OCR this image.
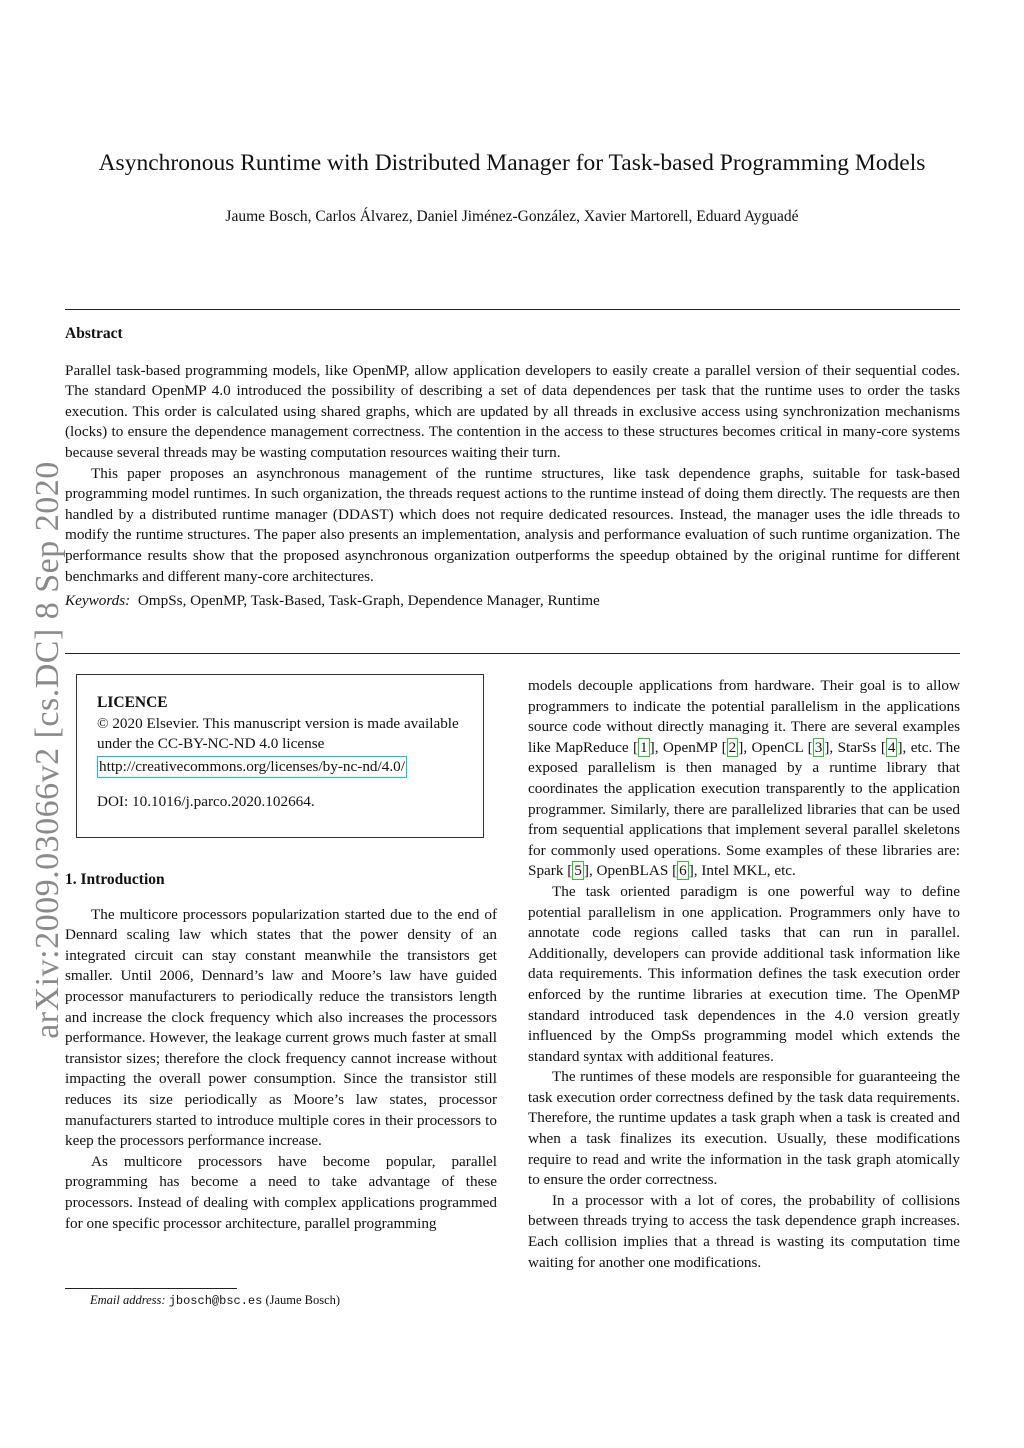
arXiv:2009.03066v2 [cs.DC] 8 Sep 2020
Asynchronous Runtime with Distributed Manager for Task-based Programming Models
Jaume Bosch, Carlos Álvarez, Daniel Jiménez-González, Xavier Martorell, Eduard Ayguadé
Abstract

Parallel task-based programming models, like OpenMP, allow application developers to easily create a parallel version of their sequential codes. The standard OpenMP 4.0 introduced the possibility of describing a set of data dependences per task that the runtime uses to order the tasks execution. This order is calculated using shared graphs, which are updated by all threads in exclusive access using synchronization mechanisms (locks) to ensure the dependence management correctness. The contention in the access to these structures becomes critical in many-core systems because several threads may be wasting computation resources waiting their turn.

This paper proposes an asynchronous management of the runtime structures, like task dependence graphs, suitable for task-based programming model runtimes. In such organization, the threads request actions to the runtime instead of doing them directly. The requests are then handled by a distributed runtime manager (DDAST) which does not require dedicated resources. Instead, the manager uses the idle threads to modify the runtime structures. The paper also presents an implementation, analysis and performance evaluation of such runtime organization. The performance results show that the proposed asynchronous organization outperforms the speedup obtained by the original runtime for different benchmarks and different many-core architectures.

Keywords: OmpSs, OpenMP, Task-Based, Task-Graph, Dependence Manager, Runtime

LICENCE
© 2020 Elsevier. This manuscript version is made available under the CC-BY-NC-ND 4.0 license
http://creativecommons.org/licenses/by-nc-nd/4.0/
DOI: 10.1016/j.parco.2020.102664.
1. Introduction

The multicore processors popularization started due to the end of Dennard scaling law which states that the power density of an integrated circuit can stay constant meanwhile the transistors get smaller. Until 2006, Dennard’s law and Moore’s law have guided processor manufacturers to periodically reduce the transistors length and increase the clock frequency which also increases the processors performance. However, the leakage current grows much faster at small transistor sizes; therefore the clock frequency cannot increase without impacting the overall power consumption. Since the transistor still reduces its size periodically as Moore’s law states, processor manufacturers started to introduce multiple cores in their processors to keep the processors performance increase.

As multicore processors have become popular, parallel programming has become a need to take advantage of these processors. Instead of dealing with complex applications programmed for one specific processor architecture, parallel programming

models decouple applications from hardware. Their goal is to allow programmers to indicate the potential parallelism in the applications source code without directly managing it. There are several examples like MapReduce [ 1 ], OpenMP [ 2 ], OpenCL [ 3 ], StarSs [ 4 ], etc. The exposed parallelism is then managed by a runtime library that coordinates the application execution transparently to the application programmer. Similarly, there are parallelized libraries that can be used from sequential applications that implement several parallel skeletons for commonly used operations. Some examples of these libraries are: Spark [ 5 ], OpenBLAS [ 6 ], Intel MKL, etc.

The task oriented paradigm is one powerful way to define potential parallelism in one application. Programmers only have to annotate code regions called tasks that can run in parallel. Additionally, developers can provide additional task information like data requirements. This information defines the task execution order enforced by the runtime libraries at execution time. The OpenMP standard introduced task dependences in the 4.0 version greatly influenced by the OmpSs programming model which extends the standard syntax with additional features.

The runtimes of these models are responsible for guaranteeing the task execution order correctness defined by the task data requirements. Therefore, the runtime updates a task graph when a task is created and when a task finalizes its execution. Usually, these modifications require to read and write the information in the task graph atomically to ensure the order correctness.

In a processor with a lot of cores, the probability of collisions between threads trying to access the task dependence graph increases. Each collision implies that a thread is wasting its computation time waiting for another one modifications.

Email address: jbosch@bsc.es (Jaume Bosch)
